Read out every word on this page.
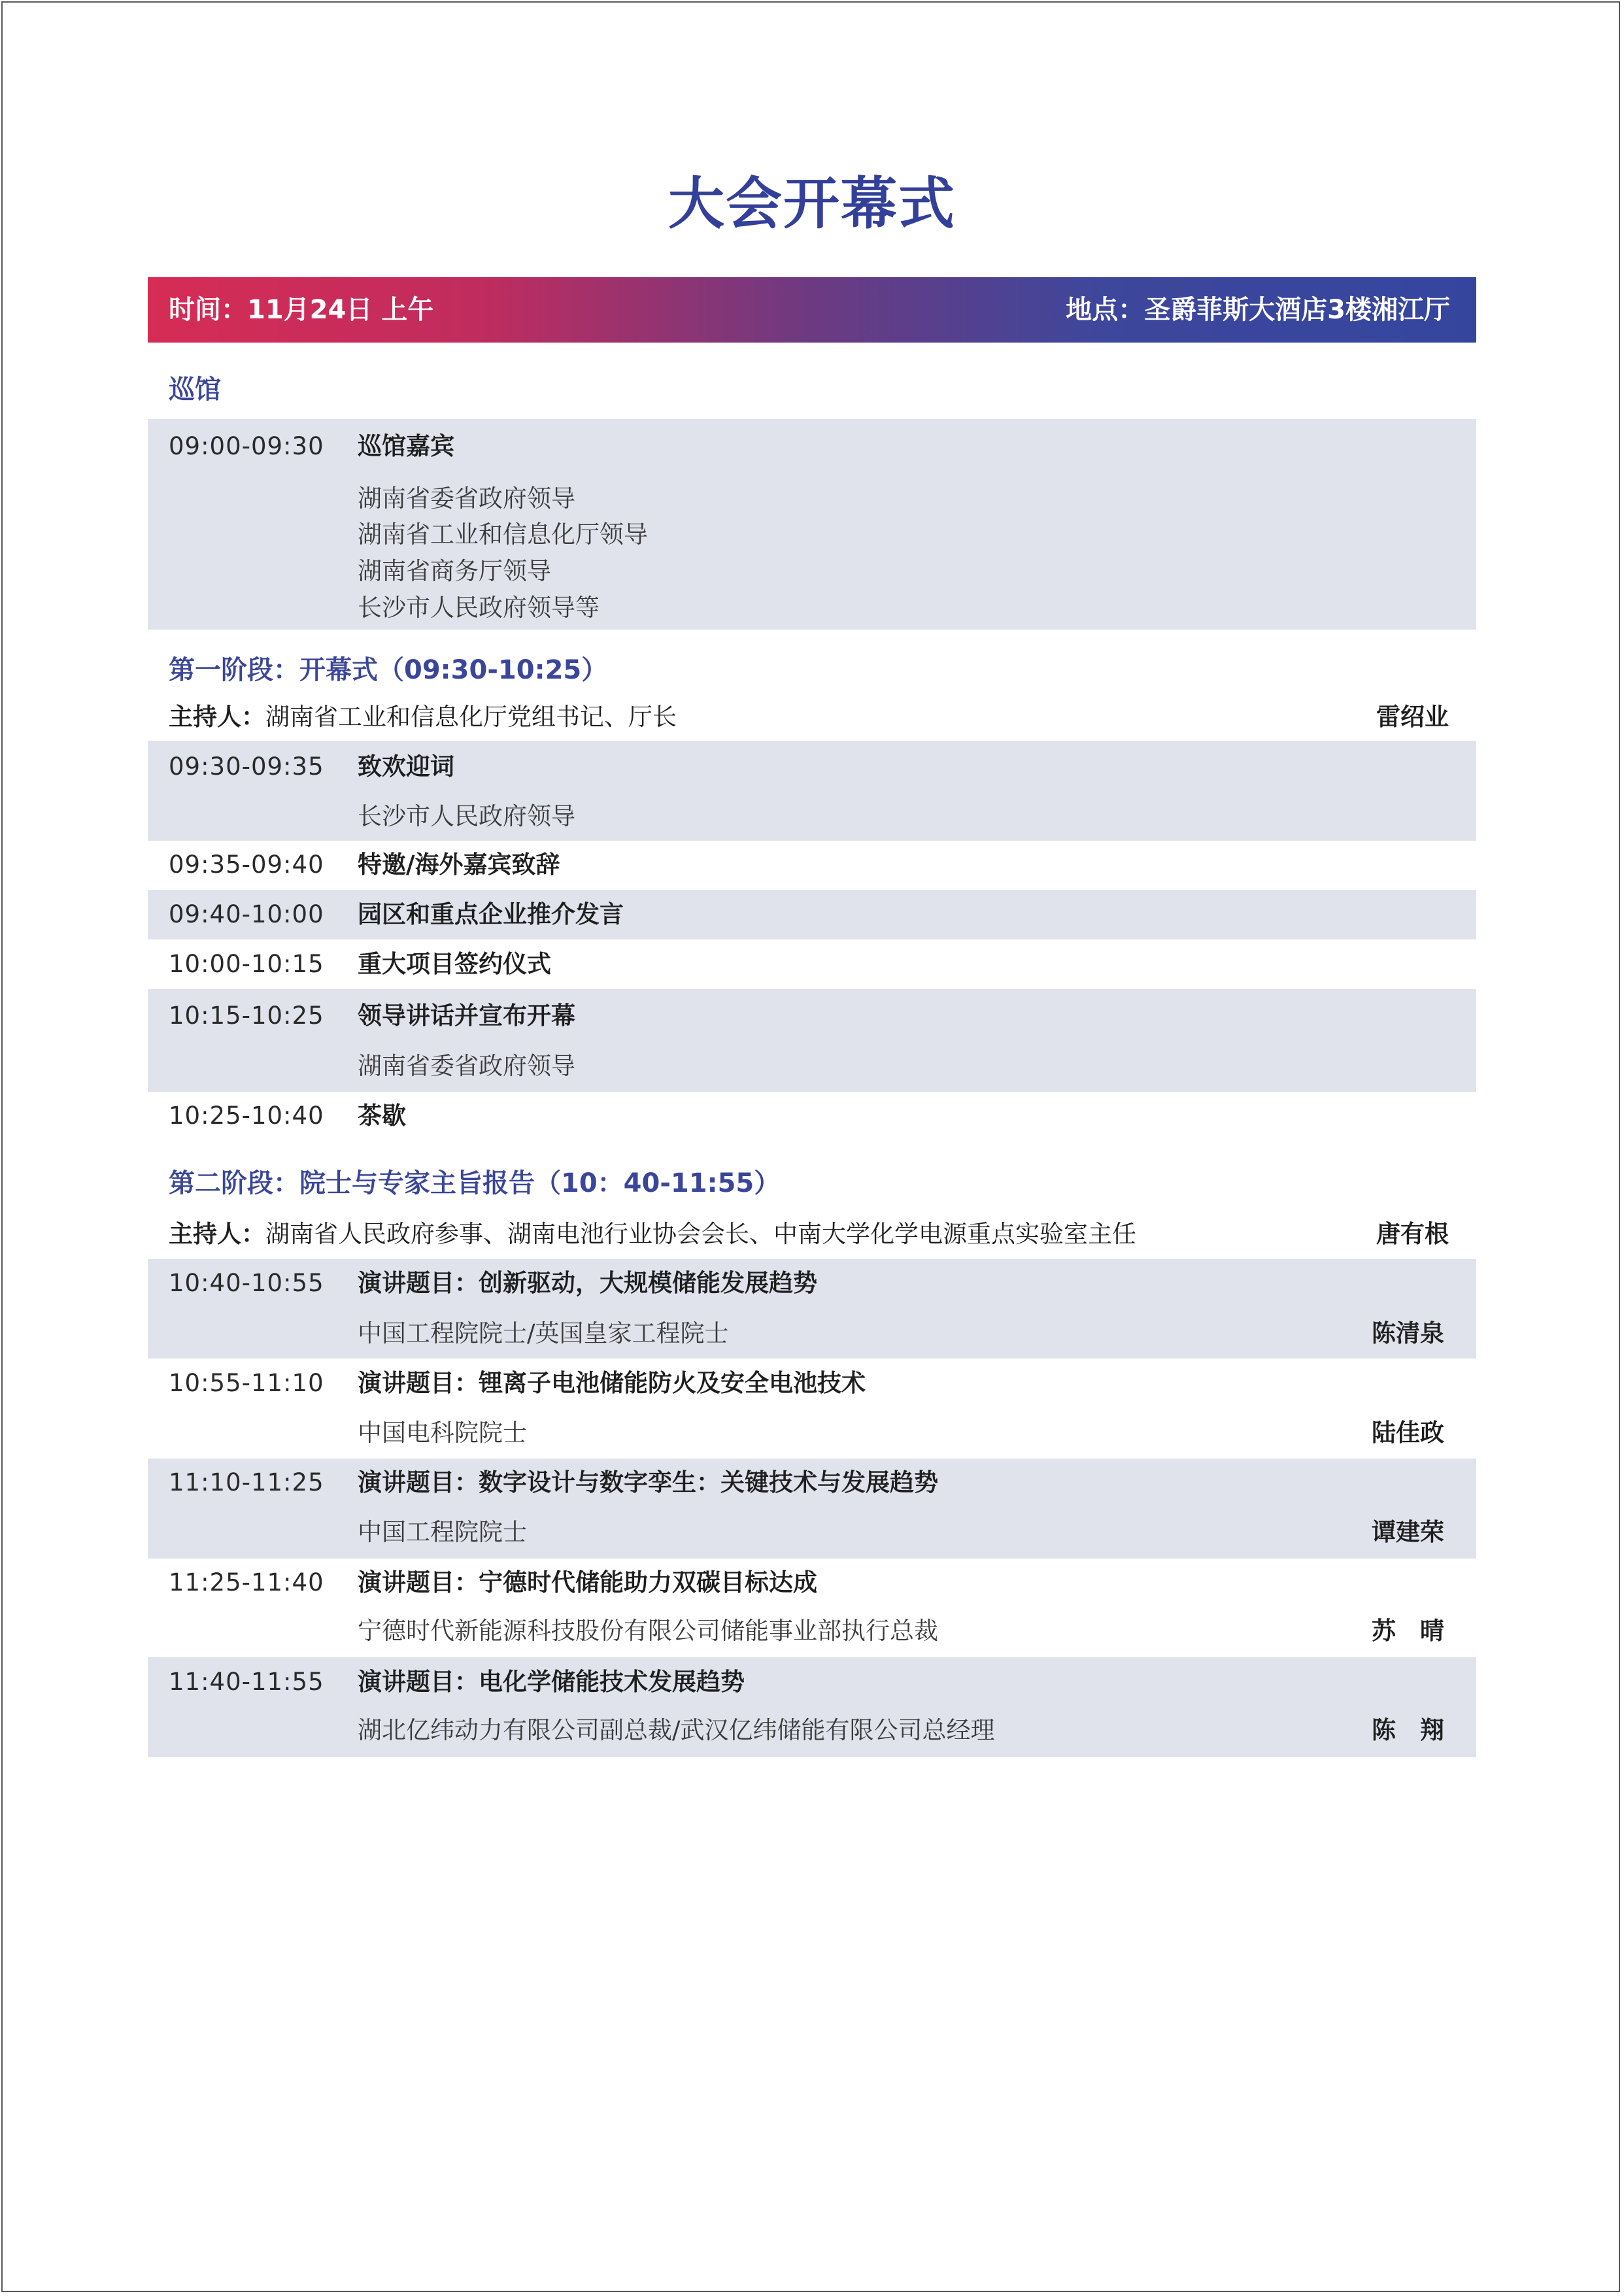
大会开幕式
时间：11月24日 上午	地点：圣爵菲斯大酒店3楼湘江厅
巡馆
09:00-09:30 巡馆嘉宾
湖南省委省政府领导
湖南省工业和信息化厅领导
湖南省商务厅领导
长沙市人民政府领导等
第一阶段：开幕式（09:30-10:25）
主持人：湖南省工业和信息化厅党组书记、厅长	雷绍业
09:30-09:35 致欢迎词
长沙市人民政府领导
09:35-09:40 特邀/海外嘉宾致辞
09:40-10:00 园区和重点企业推介发言
10:00-10:15 重大项目签约仪式
10:15-10:25 领导讲话并宣布开幕
湖南省委省政府领导
10:25-10:40 茶歇
第二阶段：院士与专家主旨报告（10：40-11:55）
主持人：湖南省人民政府参事、湖南电池行业协会会长、中南大学化学电源重点实验室主任	唐有根
10:40-10:55 演讲题目：创新驱动，大规模储能发展趋势
中国工程院院士/英国皇家工程院士	陈清泉
10:55-11:10 演讲题目：锂离子电池储能防火及安全电池技术
中国电科院院士	陆佳政
11:10-11:25 演讲题目：数字设计与数字孪生：关键技术与发展趋势
中国工程院院士	谭建荣
11:25-11:40 演讲题目：宁德时代储能助力双碳目标达成
宁德时代新能源科技股份有限公司储能事业部执行总裁	苏　晴
11:40-11:55 演讲题目：电化学储能技术发展趋势
湖北亿纬动力有限公司副总裁/武汉亿纬储能有限公司总经理	陈　翔
